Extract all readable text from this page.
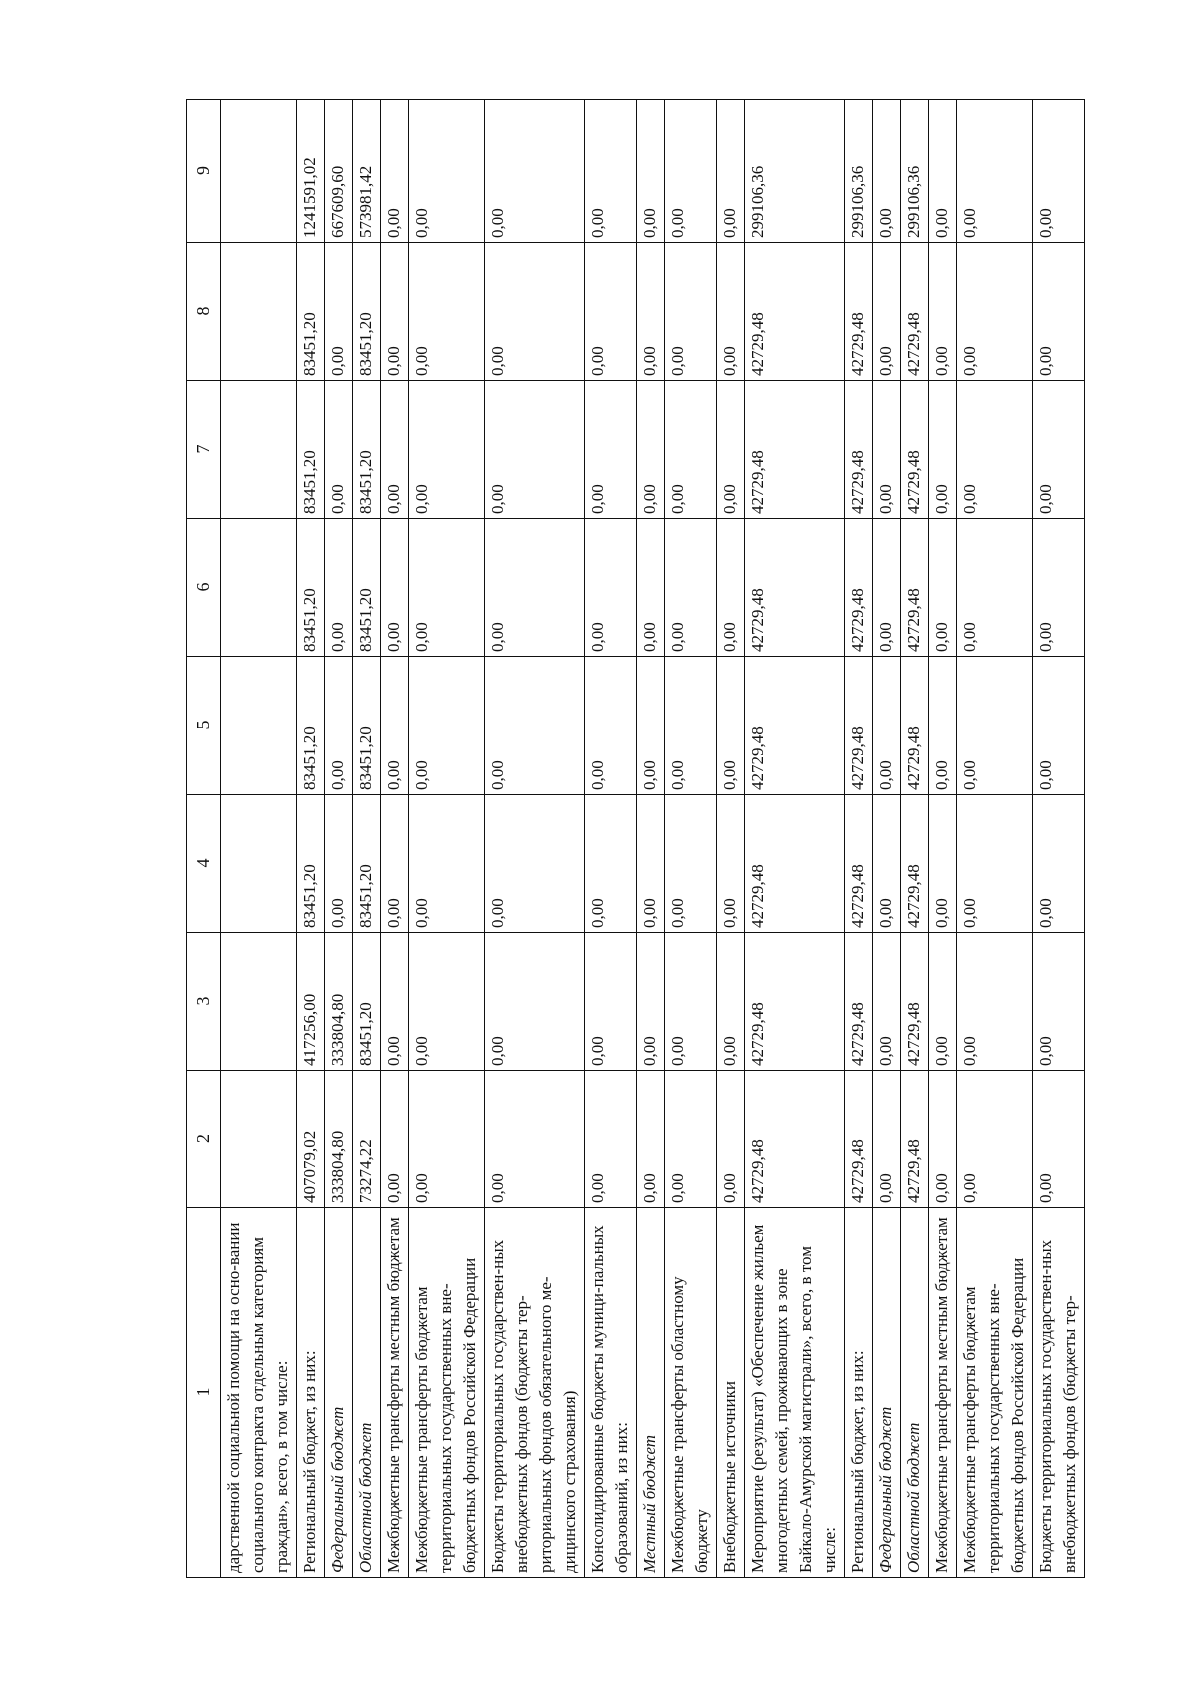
1	2	3	4	5	6	7	8	9
дарственной социальной помощи на осно-вании социального контракта отдельным категориям граждан», всего, в том числе:								
Региональный бюджет, из них:	407079,02	417256,00	83451,20	83451,20	83451,20	83451,20	83451,20	1241591,02
Федеральный бюджет	333804,80	333804,80	0,00	0,00	0,00	0,00	0,00	667609,60
Областной бюджет	73274,22	83451,20	83451,20	83451,20	83451,20	83451,20	83451,20	573981,42
Межбюджетные трансферты местным бюджетам	0,00	0,00	0,00	0,00	0,00	0,00	0,00	0,00
Межбюджетные трансферты бюджетам территориальных государственных вне-бюджетных фондов Российской Федерации	0,00	0,00	0,00	0,00	0,00	0,00	0,00	0,00
Бюджеты территориальных государствен-ных внебюджетных фондов (бюджеты тер-риториальных фондов обязательного ме-дицинского страхования)	0,00	0,00	0,00	0,00	0,00	0,00	0,00	0,00
Консолидированные бюджеты муници-пальных образований, из них:	0,00	0,00	0,00	0,00	0,00	0,00	0,00	0,00
Местный бюджет	0,00	0,00	0,00	0,00	0,00	0,00	0,00	0,00
Межбюджетные трансферты областному бюджету	0,00	0,00	0,00	0,00	0,00	0,00	0,00	0,00
Внебюджетные источники	0,00	0,00	0,00	0,00	0,00	0,00	0,00	0,00
Мероприятие (результат) «Обеспечение жильем многодетных семей, проживающих в зоне Байкало-Амурской магистрали», всего, в том числе:	42729,48	42729,48	42729,48	42729,48	42729,48	42729,48	42729,48	299106,36
Региональный бюджет, из них:	42729,48	42729,48	42729,48	42729,48	42729,48	42729,48	42729,48	299106,36
Федеральный бюджет	0,00	0,00	0,00	0,00	0,00	0,00	0,00	0,00
Областной бюджет	42729,48	42729,48	42729,48	42729,48	42729,48	42729,48	42729,48	299106,36
Межбюджетные трансферты местным бюджетам	0,00	0,00	0,00	0,00	0,00	0,00	0,00	0,00
Межбюджетные трансферты бюджетам территориальных государственных вне-бюджетных фондов Российской Федерации	0,00	0,00	0,00	0,00	0,00	0,00	0,00	0,00
Бюджеты территориальных государствен-ных внебюджетных фондов (бюджеты тер-	0,00	0,00	0,00	0,00	0,00	0,00	0,00	0,00
